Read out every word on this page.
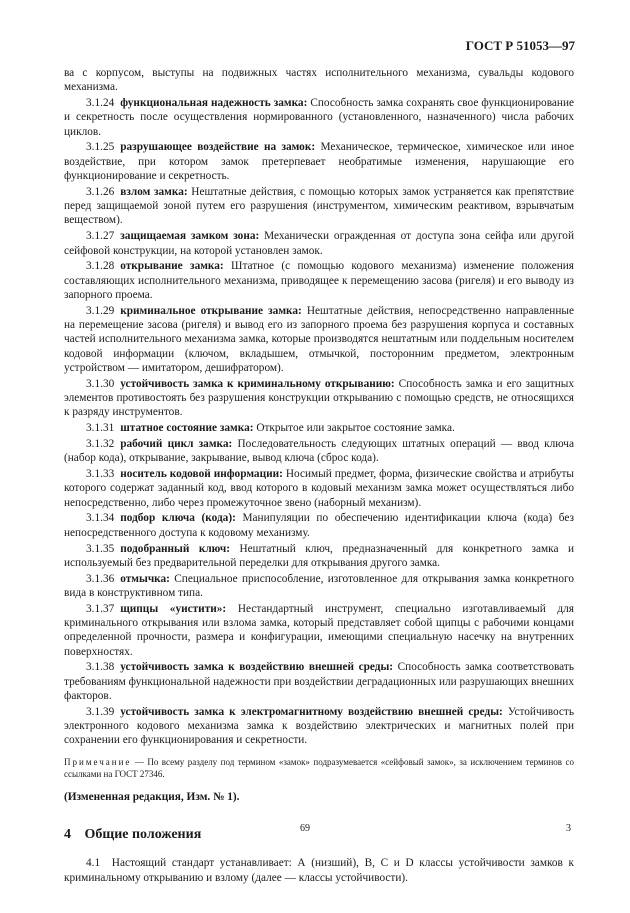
ГОСТ Р 51053—97

ва с корпусом, выступы на подвижных частях исполнительного механизма, сувальды кодового механизма.

3.1.24 функциональная надежность замка: Способность замка сохранять свое функционирование и секретность после осуществления нормированного (установленного, назначенного) числа рабочих циклов.

3.1.25 разрушающее воздействие на замок: Механическое, термическое, химическое или иное воздействие, при котором замок претерпевает необратимые изменения, нарушающие его функционирование и секретность.

3.1.26 взлом замка: Нештатные действия, с помощью которых замок устраняется как препятствие перед защищаемой зоной путем его разрушения (инструментом, химическим реактивом, взрывчатым веществом).

3.1.27 защищаемая замком зона: Механически огражденная от доступа зона сейфа или другой сейфовой конструкции, на которой установлен замок.

3.1.28 открывание замка: Штатное (с помощью кодового механизма) изменение положения составляющих исполнительного механизма, приводящее к перемещению засова (ригеля) и его выводу из запорного проема.

3.1.29 криминальное открывание замка: Нештатные действия, непосредственно направленные на перемещение засова (ригеля) и вывод его из запорного проема без разрушения корпуса и составных частей исполнительного механизма замка, которые производятся нештатным или поддельным носителем кодовой информации (ключом, вкладышем, отмычкой, посторонним предметом, электронным устройством — имитатором, дешифратором).

3.1.30 устойчивость замка к криминальному открыванию: Способность замка и его защитных элементов противостоять без разрушения конструкции открыванию с помощью средств, не относящихся к разряду инструментов.

3.1.31 штатное состояние замка: Открытое или закрытое состояние замка.

3.1.32 рабочий цикл замка: Последовательность следующих штатных операций — ввод ключа (набор кода), открывание, закрывание, вывод ключа (сброс кода).

3.1.33 носитель кодовой информации: Носимый предмет, форма, физические свойства и атрибуты которого содержат заданный код, ввод которого в кодовый механизм замка может осуществляться либо непосредственно, либо через промежуточное звено (наборный механизм).

3.1.34 подбор ключа (кода): Манипуляции по обеспечению идентификации ключа (кода) без непосредственного доступа к кодовому механизму.

3.1.35 подобранный ключ: Нештатный ключ, предназначенный для конкретного замка и используемый без предварительной переделки для открывания другого замка.

3.1.36 отмычка: Специальное приспособление, изготовленное для открывания замка конкретного вида в конструктивном типа.

3.1.37 щипцы «уистити»: Нестандартный инструмент, специально изготавливаемый для криминального открывания или взлома замка, который представляет собой щипцы с рабочими концами определенной прочности, размера и конфигурации, имеющими специальную насечку на внутренних поверхностях.

3.1.38 устойчивость замка к воздействию внешней среды: Способность замка соответствовать требованиям функциональной надежности при воздействии деградационных или разрушающих внешних факторов.

3.1.39 устойчивость замка к электромагнитному воздействию внешней среды: Устойчивость электронного кодового механизма замка к воздействию электрических и магнитных полей при сохранении его функционирования и секретности.

Примечание — По всему разделу под термином «замок» подразумевается «сейфовый замок», за исключением терминов со ссылками на ГОСТ 27346.

(Измененная редакция, Изм. № 1).

4 Общие положения

4.1 Настоящий стандарт устанавливает: А (низший), В, С и D классы устойчивости замков к криминальному открыванию и взлому (далее — классы устойчивости).

69	3
